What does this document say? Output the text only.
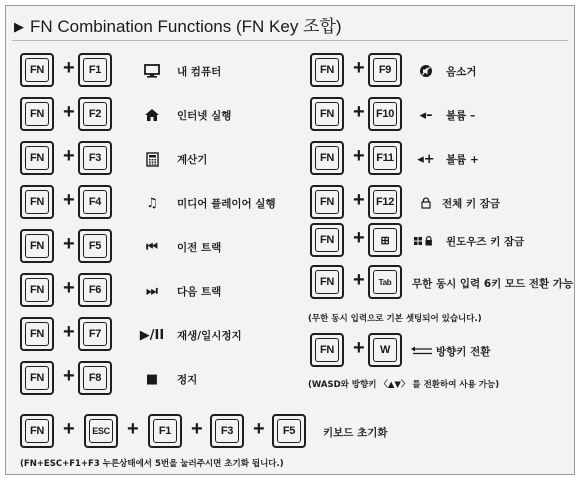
▶ FN Combination Functions (FN Key 조합)
(무한 동시 입력으로 기본 셋팅되어 있습니다.)
(WASD와 방향키 〈▲▼〉 를 전환하여 사용 가능)
(FN+ESC+F1+F3 누른상태에서 5번을 눌러주시면 초기화 됩니다.)
FN +	F1	내 컴퓨터
FN +	F2	인터넷 실행
FN +	F3	계산기
FN +	F4	♫	미디어 플레이어 실행
FN +	F5	⏮	이전 트랙
FN +	F6	⏭	다음 트랙
FN +	F7	▶/II 재생/일시정지
FN +	F8	■	정지
FN +	F9	음소거
FN + F10	◂–	볼륨 –
FN + F11	◂+	볼륨 +
FN + F12	전체 키 잠금
FN +	⊞	윈도우즈 키 잠금
FN +	Tab	무한 동시 입력 6키 모드 전환 가능
FN +	W	방향키 전환
FN +	ESC +	F1 +	F3 +	F5	키보드 초기화
